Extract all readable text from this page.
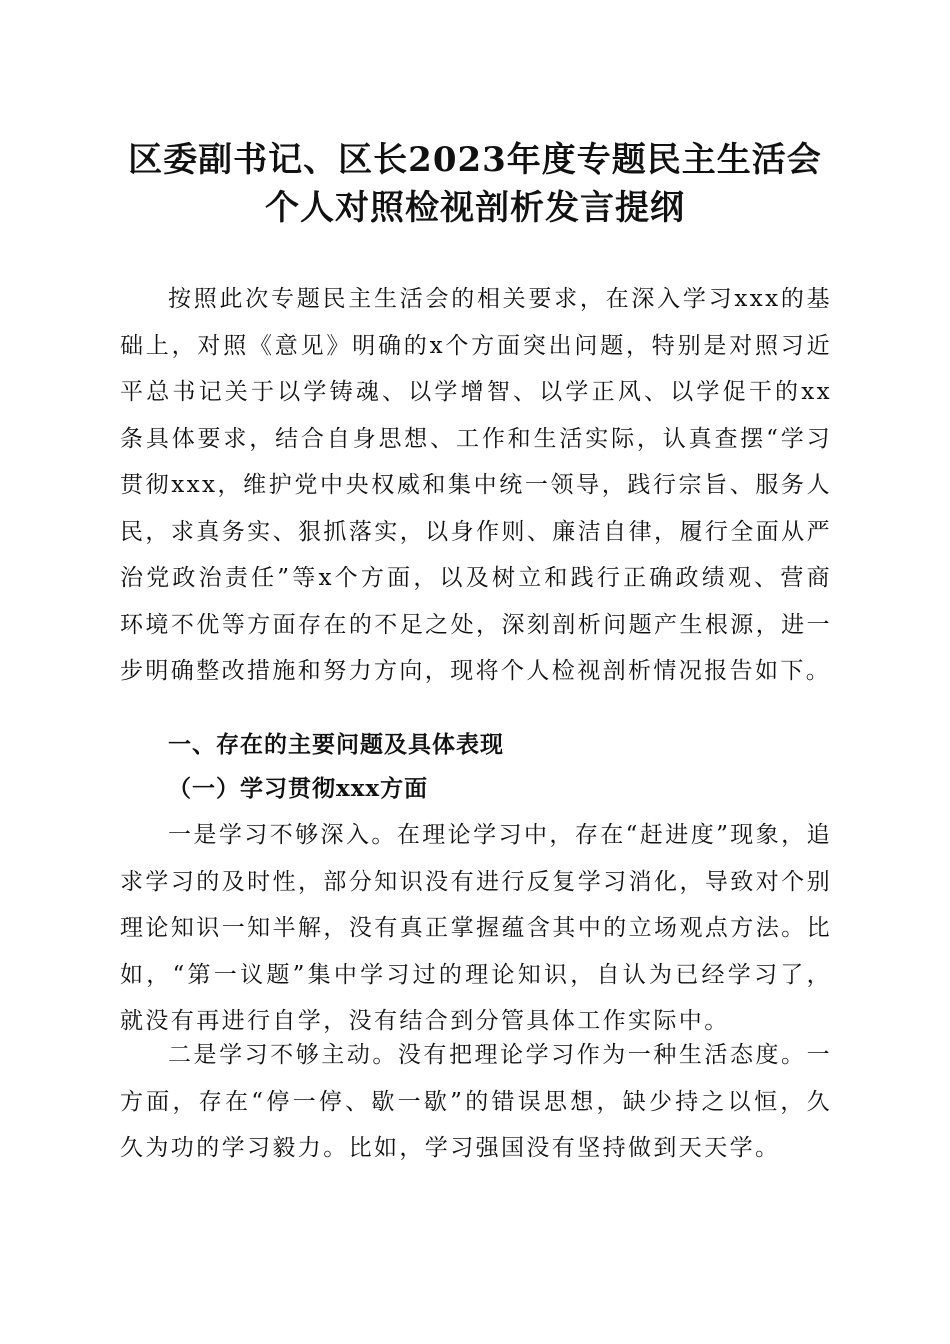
区委副书记、区长2023年度专题民主生活会
个人对照检视剖析发言提纲

按照此次专题民主生活会的相关要求，在深入学习xxx的基础上，对照《意见》明确的x个方面突出问题，特别是对照习近平总书记关于以学铸魂、以学增智、以学正风、以学促干的xx条具体要求，结合自身思想、工作和生活实际，认真查摆“学习贯彻xxx，维护党中央权威和集中统一领导，践行宗旨、服务人民，求真务实、狠抓落实，以身作则、廉洁自律，履行全面从严治党政治责任”等x个方面，以及树立和践行正确政绩观、营商环境不优等方面存在的不足之处，深刻剖析问题产生根源，进一步明确整改措施和努力方向，现将个人检视剖析情况报告如下。

一、存在的主要问题及具体表现
（一）学习贯彻xxx方面

一是学习不够深入。在理论学习中，存在“赶进度”现象，追求学习的及时性，部分知识没有进行反复学习消化，导致对个别理论知识一知半解，没有真正掌握蕴含其中的立场观点方法。比如，“第一议题”集中学习过的理论知识，自认为已经学习了，就没有再进行自学，没有结合到分管具体工作实际中。

二是学习不够主动。没有把理论学习作为一种生活态度。一方面，存在“停一停、歇一歇”的错误思想，缺少持之以恒，久久为功的学习毅力。比如，学习强国没有坚持做到天天学。
